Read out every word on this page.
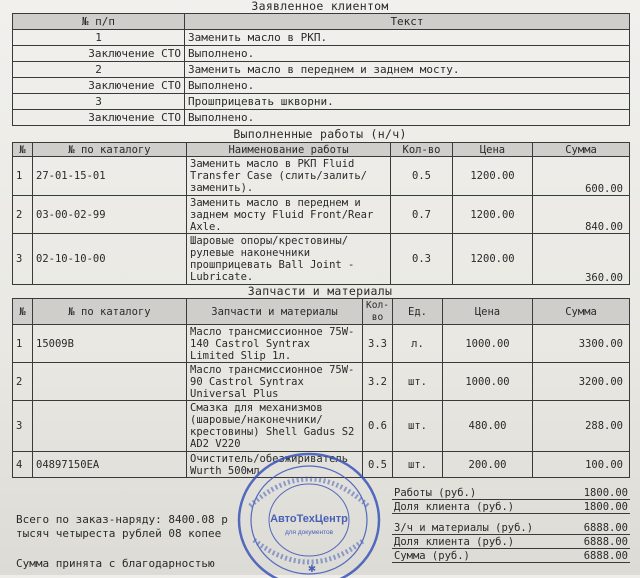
Заявленное клиентом
№ п/п	Текст
1	Заменить масло в РКП.
Заключение СТО	Выполнено.
2	Заменить масло в переднем и заднем мосту.
Заключение СТО	Выполнено.
3	Прошприцевать шкворни.
Заключение СТО	Выполнено.
Выполненные работы (н/ч)
№	№ по каталогу	Наименование работы	Кол-во	Цена	Сумма
1	27-01-15-01	Заменить масло в РКП Fluid Transfer Case (слить/залить/заменить).	0.5	1200.00	600.00
2	03-00-02-99	Заменить масло в переднем и заднем мосту Fluid Front/Rear Axle.	0.7	1200.00	840.00
3	02-10-10-00	Шаровые опоры/крестовины/рулевые наконечники прошприцевать Ball Joint - Lubricate.	0.3	1200.00	360.00
Запчасти и материалы
№	№ по каталогу	Запчасти и материалы	Кол-во	Ед.	Цена	Сумма
1	15009B	Масло трансмиссионное 75W-140 Castrol Syntrax Limited Slip 1л.	3.3	л.	1000.00	3300.00
2		Масло трансмиссионное 75W-90 Castrol Syntrax Universal Plus	3.2	шт.	1000.00	3200.00
3		Смазка для механизмов (шаровые/наконечники/крестовины) Shell Gadus S2 AD2 V220	0.6	шт.	480.00	288.00
4	04897150EA	Очиститель/обезжириватель Wurth 500мл	0.5	шт.	200.00	100.00
Работы (руб.)	1800.00
Доля клиента (руб.)	1800.00
З/ч и материалы (руб.)	6888.00
Доля клиента (руб.)	6888.00
Сумма (руб.)	6888.00
Всего по заказ-наряду: 8400.08 р
тысяч четыреста рублей 08 копее
Сумма принята с благодарностью
АвтоТехЦентр
для документов
✱
